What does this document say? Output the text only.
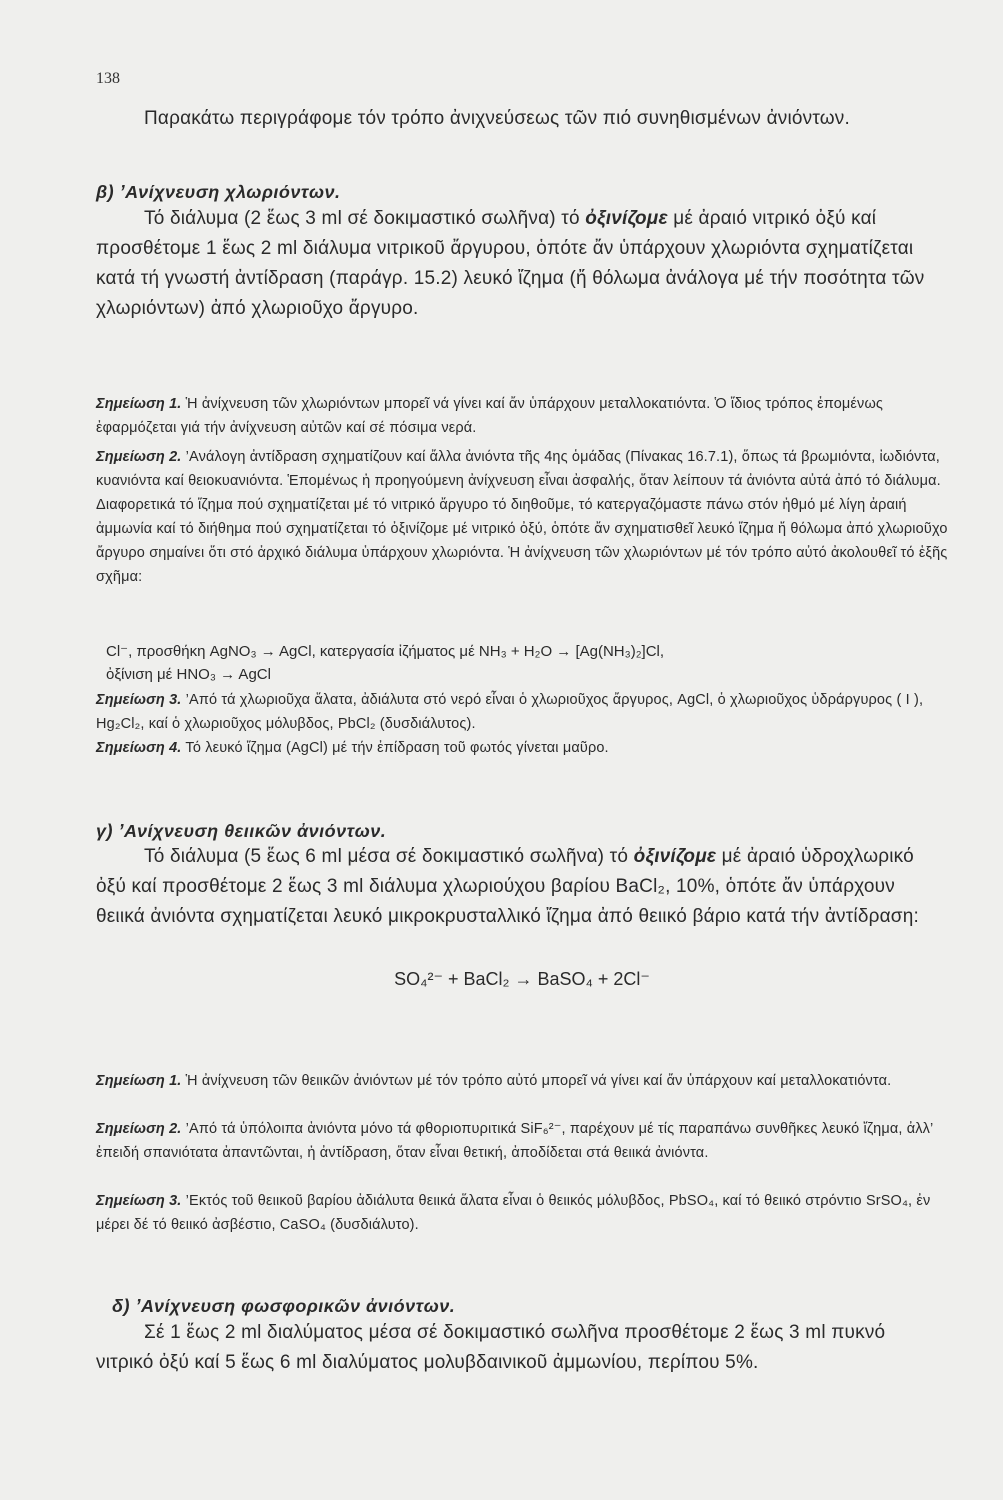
138

Παρακάτω περιγράφομε τόν τρόπο ἀνιχνεύσεως τῶν πιό συνηθισμένων ἀνιόντων.

β) ’Ανίχνευση χλωριόντων.

Τό διάλυμα (2 ἕως 3 ml σέ δοκιμαστικό σωλῆνα) τό ὀξινίζομε μέ ἀραιό νιτρικό ὀξύ καί προσθέτομε 1 ἕως 2 ml διάλυμα νιτρικοῦ ἄργυρου, ὁπότε ἄν ὑπάρχουν χλωριόντα σχηματίζεται κατά τή γνωστή ἀντίδραση (παράγρ. 15.2) λευκό ἴζημα (ἤ θόλωμα ἀνάλογα μέ τήν ποσότητα τῶν χλωριόντων) ἀπό χλωριοῦχο ἄργυρο.

Σημείωση 1. Ἡ ἀνίχνευση τῶν χλωριόντων μπορεῖ νά γίνει καί ἄν ὑπάρχουν μεταλλοκατιόντα. Ὁ ἴδιος τρόπος ἑπομένως ἐφαρμόζεται γιά τήν ἀνίχνευση αὐτῶν καί σέ πόσιμα νερά.

Σημείωση 2. ’Ανάλογη ἀντίδραση σχηματίζουν καί ἄλλα ἀνιόντα τῆς 4ης ὁμάδας (Πίνακας 16.7.1), ὅπως τά βρωμιόντα, ἰωδιόντα, κυανιόντα καί θειοκυανιόντα. Ἑπομένως ἡ προηγούμενη ἀνίχνευση εἶναι ἀσφαλής, ὅταν λείπουν τά ἀνιόντα αὐτά ἀπό τό διάλυμα. Διαφορετικά τό ἴζημα πού σχηματίζεται μέ τό νιτρικό ἄργυρο τό διηθοῦμε, τό κατεργαζόμαστε πάνω στόν ἠθμό μέ λίγη ἀραιή ἀμμωνία καί τό διήθημα πού σχηματίζεται τό ὀξινίζομε μέ νιτρικό ὀξύ, ὁπότε ἄν σχηματισθεῖ λευκό ἴζημα ἤ θόλωμα ἀπό χλωριοῦχο ἄργυρο σημαίνει ὅτι στό ἀρχικό διάλυμα ὑπάρχουν χλωριόντα. Ἡ ἀνίχνευση τῶν χλωριόντων μέ τόν τρόπο αὐτό ἀκολουθεῖ τό ἑξῆς σχῆμα:

Cl⁻, προσθήκη AgNO₃ → AgCl, κατεργασία ἰζήματος μέ NH₃ + H₂O → [Ag(NH₃)₂]Cl,
ὀξίνιση μέ HNO₃ → AgCl

Σημείωση 3. ’Από τά χλωριοῦχα ἅλατα, ἀδιάλυτα στό νερό εἶναι ὁ χλωριοῦχος ἄργυρος, AgCl, ὁ χλωριοῦχος ὑδράργυρος ( I ), Hg₂Cl₂, καί ὁ χλωριοῦχος μόλυβδος, PbCl₂ (δυσδιάλυτος).

Σημείωση 4. Τό λευκό ἴζημα (AgCl) μέ τήν ἐπίδραση τοῦ φωτός γίνεται μαῦρο.

γ) ’Ανίχνευση θειικῶν ἀνιόντων.

Τό διάλυμα (5 ἕως 6 ml μέσα σέ δοκιμαστικό σωλῆνα) τό ὀξινίζομε μέ ἀραιό ὑδροχλωρικό ὀξύ καί προσθέτομε 2 ἕως 3 ml διάλυμα χλωριούχου βαρίου BaCl₂, 10%, ὁπότε ἄν ὑπάρχουν θειικά ἀνιόντα σχηματίζεται λευκό μικροκρυσταλλικό ἴζημα ἀπό θειικό βάριο κατά τήν ἀντίδραση:

SO₄²⁻ + BaCl₂ → BaSO₄ + 2Cl⁻

Σημείωση 1. Ἡ ἀνίχνευση τῶν θειικῶν ἀνιόντων μέ τόν τρόπο αὐτό μπορεῖ νά γίνει καί ἄν ὑπάρχουν καί μεταλλοκατιόντα.

Σημείωση 2. ’Από τά ὑπόλοιπα ἀνιόντα μόνο τά φθοριοπυριτικά SiF₆²⁻, παρέχουν μέ τίς παραπάνω συνθῆκες λευκό ἴζημα, ἀλλ’ ἐπειδή σπανιότατα ἀπαντῶνται, ἡ ἀντίδραση, ὅταν εἶναι θετική, ἀποδίδεται στά θειικά ἀνιόντα.

Σημείωση 3. ’Εκτός τοῦ θειικοῦ βαρίου ἀδιάλυτα θειικά ἅλατα εἶναι ὁ θειικός μόλυβδος, PbSO₄, καί τό θειικό στρόντιο SrSO₄, ἐν μέρει δέ τό θειικό ἀσβέστιο, CaSO₄ (δυσδιάλυτο).

δ) ’Ανίχνευση φωσφορικῶν ἀνιόντων.

Σέ 1 ἕως 2 ml διαλύματος μέσα σέ δοκιμαστικό σωλῆνα προσθέτομε 2 ἕως 3 ml πυκνό νιτρικό ὀξύ καί 5 ἕως 6 ml διαλύματος μολυβδαινικοῦ ἀμμωνίου, περίπου 5%.
